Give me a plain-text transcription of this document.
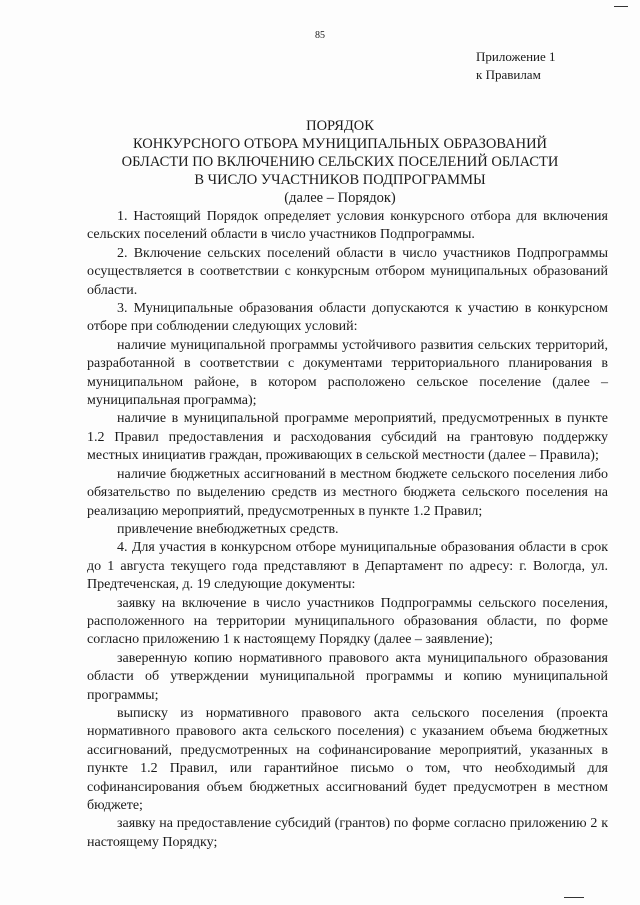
85
Приложение 1
к Правилам
ПОРЯДОК
КОНКУРСНОГО ОТБОРА МУНИЦИПАЛЬНЫХ ОБРАЗОВАНИЙ
ОБЛАСТИ ПО ВКЛЮЧЕНИЮ СЕЛЬСКИХ ПОСЕЛЕНИЙ ОБЛАСТИ
В ЧИСЛО УЧАСТНИКОВ ПОДПРОГРАММЫ
(далее – Порядок)

1. Настоящий Порядок определяет условия конкурсного отбора для включения сельских поселений области в число участников Подпрограммы.

2. Включение сельских поселений области в число участников Подпрограммы осуществляется в соответствии с конкурсным отбором муниципальных образований области.

3. Муниципальные образования области допускаются к участию в конкурсном отборе при соблюдении следующих условий:

наличие муниципальной программы устойчивого развития сельских территорий, разработанной в соответствии с документами территориального планирования в муниципальном районе, в котором расположено сельское поселение (далее – муниципальная программа);

наличие в муниципальной программе мероприятий, предусмотренных в пункте 1.2 Правил предоставления и расходования субсидий на грантовую поддержку местных инициатив граждан, проживающих в сельской местности (далее – Правила);

наличие бюджетных ассигнований в местном бюджете сельского поселения либо обязательство по выделению средств из местного бюджета сельского поселения на реализацию мероприятий, предусмотренных в пункте 1.2 Правил;

привлечение внебюджетных средств.

4. Для участия в конкурсном отборе муниципальные образования области в срок до 1 августа текущего года представляют в Департамент по адресу: г. Вологда, ул. Предтеченская, д. 19 следующие документы:

заявку на включение в число участников Подпрограммы сельского поселения, расположенного на территории муниципального образования области, по форме согласно приложению 1 к настоящему Порядку (далее – заявление);

заверенную копию нормативного правового акта муниципального образования области об утверждении муниципальной программы и копию муниципальной программы;

выписку из нормативного правового акта сельского поселения (проекта нормативного правового акта сельского поселения) с указанием объема бюджетных ассигнований, предусмотренных на софинансирование мероприятий, указанных в пункте 1.2 Правил, или гарантийное письмо о том, что необходимый для софинансирования объем бюджетных ассигнований будет предусмотрен в местном бюджете;

заявку на предоставление субсидий (грантов) по форме согласно приложению 2 к настоящему Порядку;
